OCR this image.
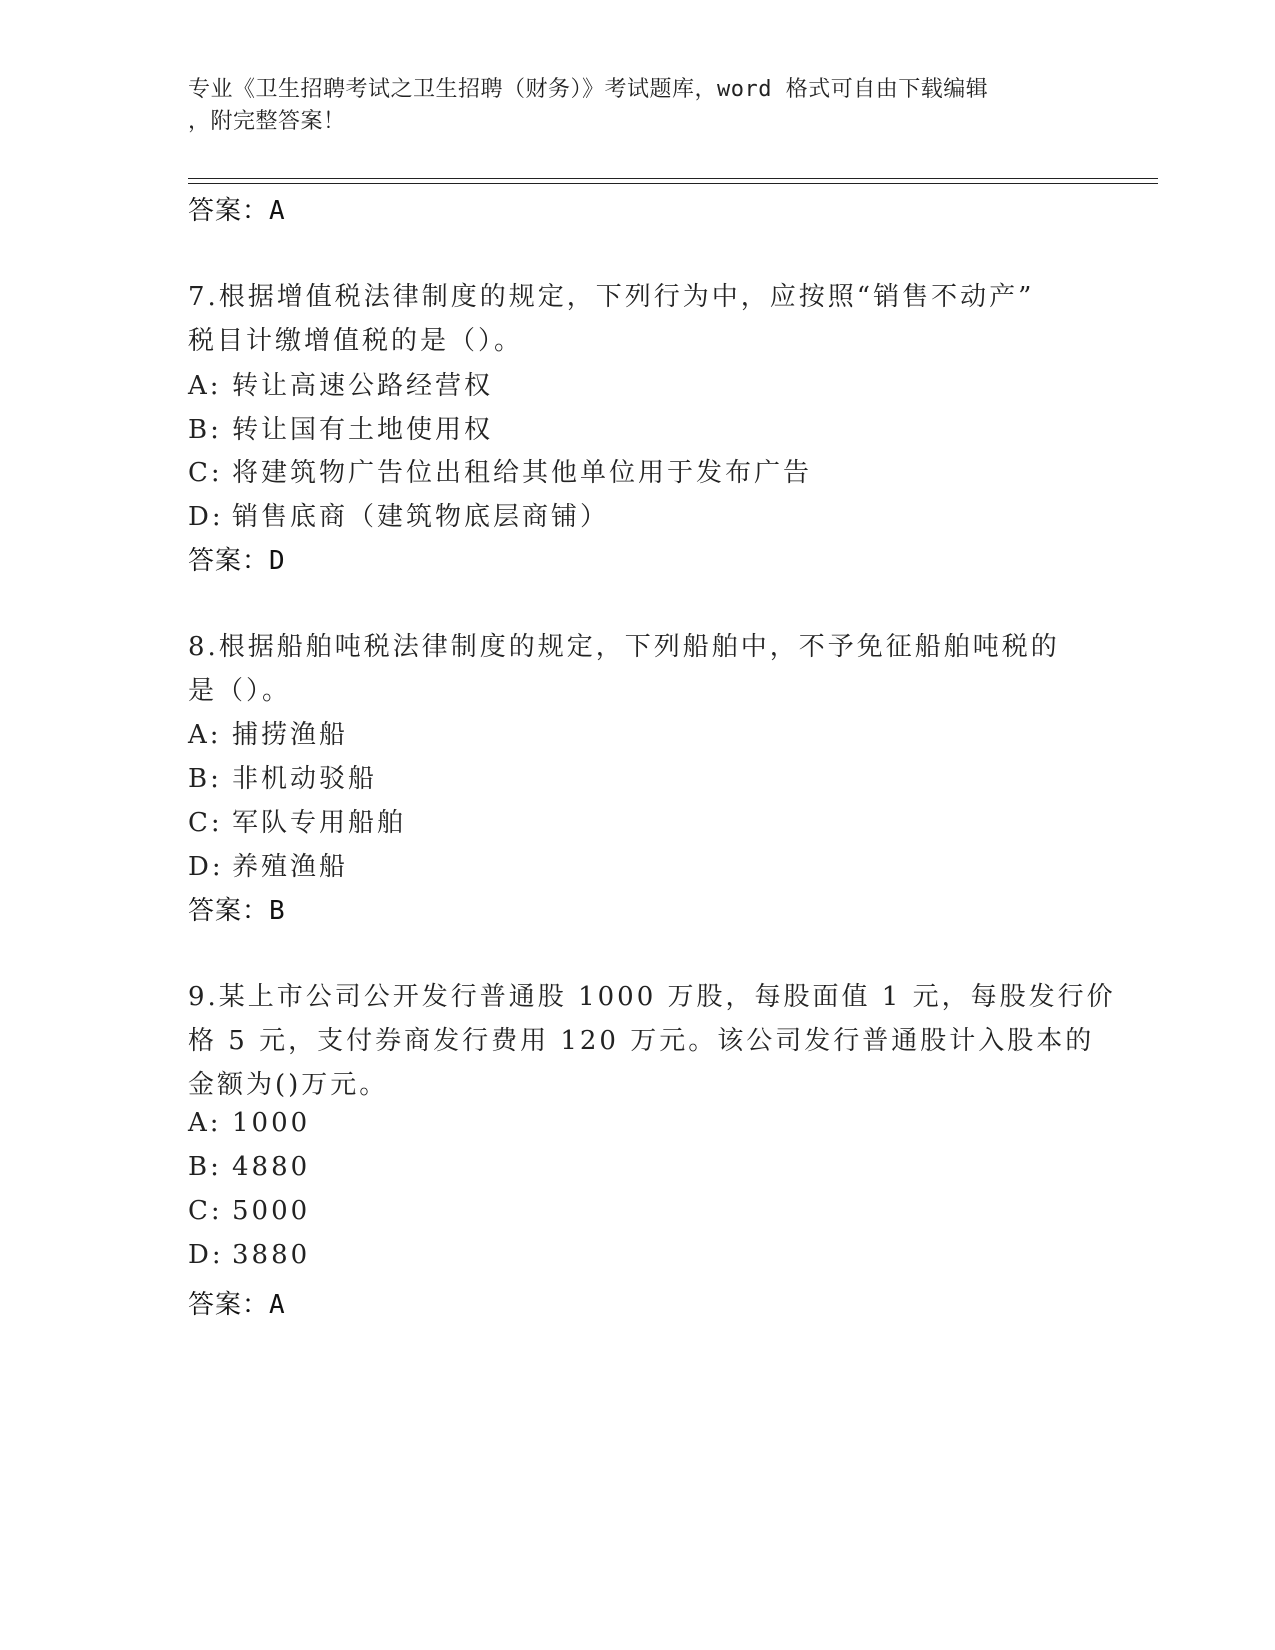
专业《卫生招聘考试之卫生招聘（财务）》考试题库，word 格式可自由下载编辑
，附完整答案！
答案：A
7.根据增值税法律制度的规定，下列行为中，应按照“销售不动产”
税目计缴增值税的是（）。
A: 转让高速公路经营权
B: 转让国有土地使用权
C: 将建筑物广告位出租给其他单位用于发布广告
D: 销售底商（建筑物底层商铺）
答案：D
8.根据船舶吨税法律制度的规定，下列船舶中，不予免征船舶吨税的
是（）。
A: 捕捞渔船
B: 非机动驳船
C: 军队专用船舶
D: 养殖渔船
答案：B
9.某上市公司公开发行普通股 1000 万股，每股面值 1 元，每股发行价
格 5 元，支付券商发行费用 120 万元。该公司发行普通股计入股本的
金额为()万元。
A: 1000
B: 4880
C: 5000
D: 3880
答案：A
